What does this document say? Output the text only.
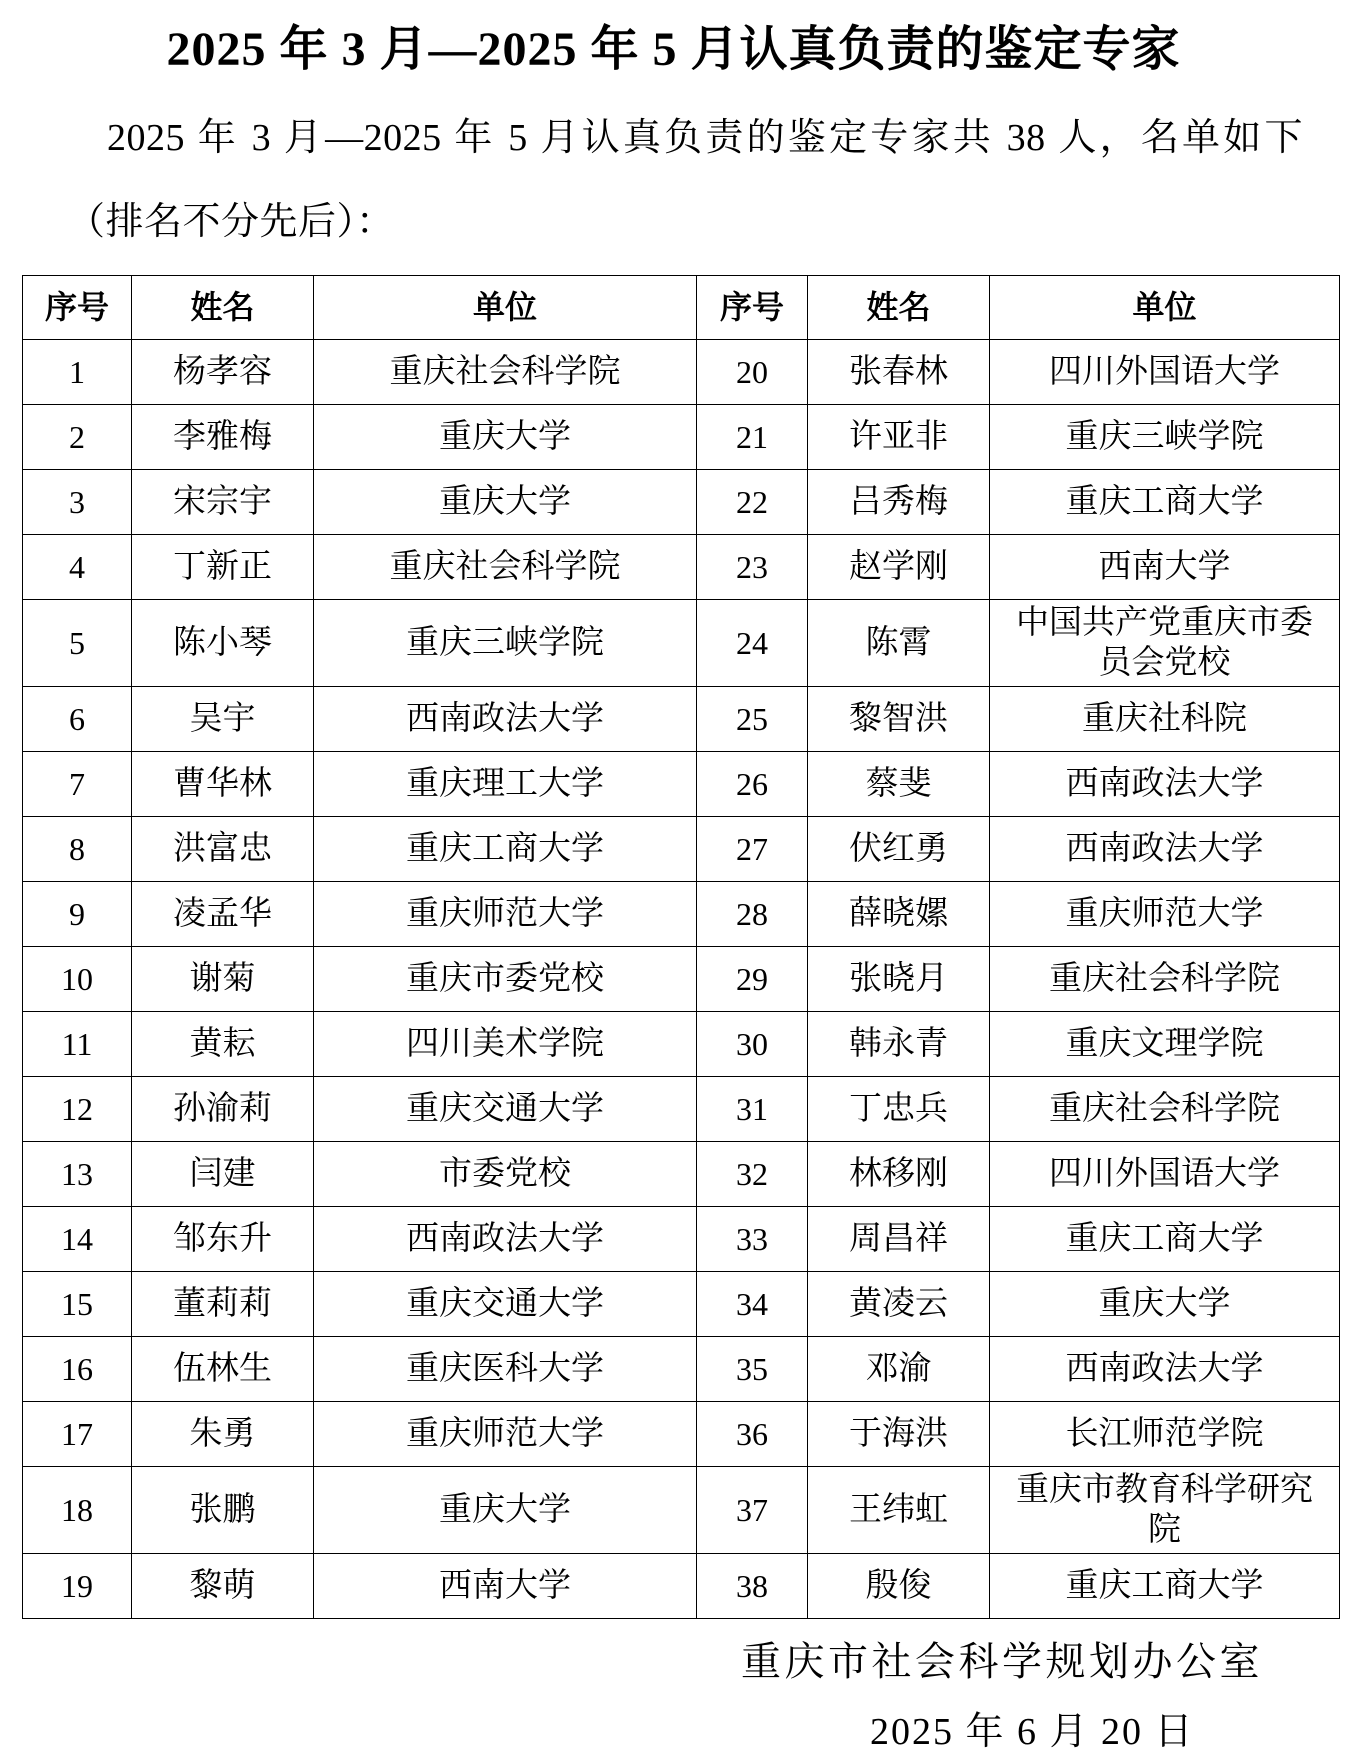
2025 年 3 月—2025 年 5 月认真负责的鉴定专家

2025 年 3 月—2025 年 5 月认真负责的鉴定专家共 38 人，名单如下（排名不分先后）：

序号	姓名	单位	序号	姓名	单位
1	杨孝容	重庆社会科学院	20	张春林	四川外国语大学
2	李雅梅	重庆大学	21	许亚非	重庆三峡学院
3	宋宗宇	重庆大学	22	吕秀梅	重庆工商大学
4	丁新正	重庆社会科学院	23	赵学刚	西南大学
5	陈小琴	重庆三峡学院	24	陈霄	中国共产党重庆市委员会党校
6	吴宇	西南政法大学	25	黎智洪	重庆社科院
7	曹华林	重庆理工大学	26	蔡斐	西南政法大学
8	洪富忠	重庆工商大学	27	伏红勇	西南政法大学
9	凌孟华	重庆师范大学	28	薛晓嫘	重庆师范大学
10	谢菊	重庆市委党校	29	张晓月	重庆社会科学院
11	黄耘	四川美术学院	30	韩永青	重庆文理学院
12	孙渝莉	重庆交通大学	31	丁忠兵	重庆社会科学院
13	闫建	市委党校	32	林移刚	四川外国语大学
14	邹东升	西南政法大学	33	周昌祥	重庆工商大学
15	董莉莉	重庆交通大学	34	黄凌云	重庆大学
16	伍林生	重庆医科大学	35	邓渝	西南政法大学
17	朱勇	重庆师范大学	36	于海洪	长江师范学院
18	张鹏	重庆大学	37	王纬虹	重庆市教育科学研究院
19	黎萌	西南大学	38	殷俊	重庆工商大学
重庆市社会科学规划办公室
2025 年 6 月 20 日
